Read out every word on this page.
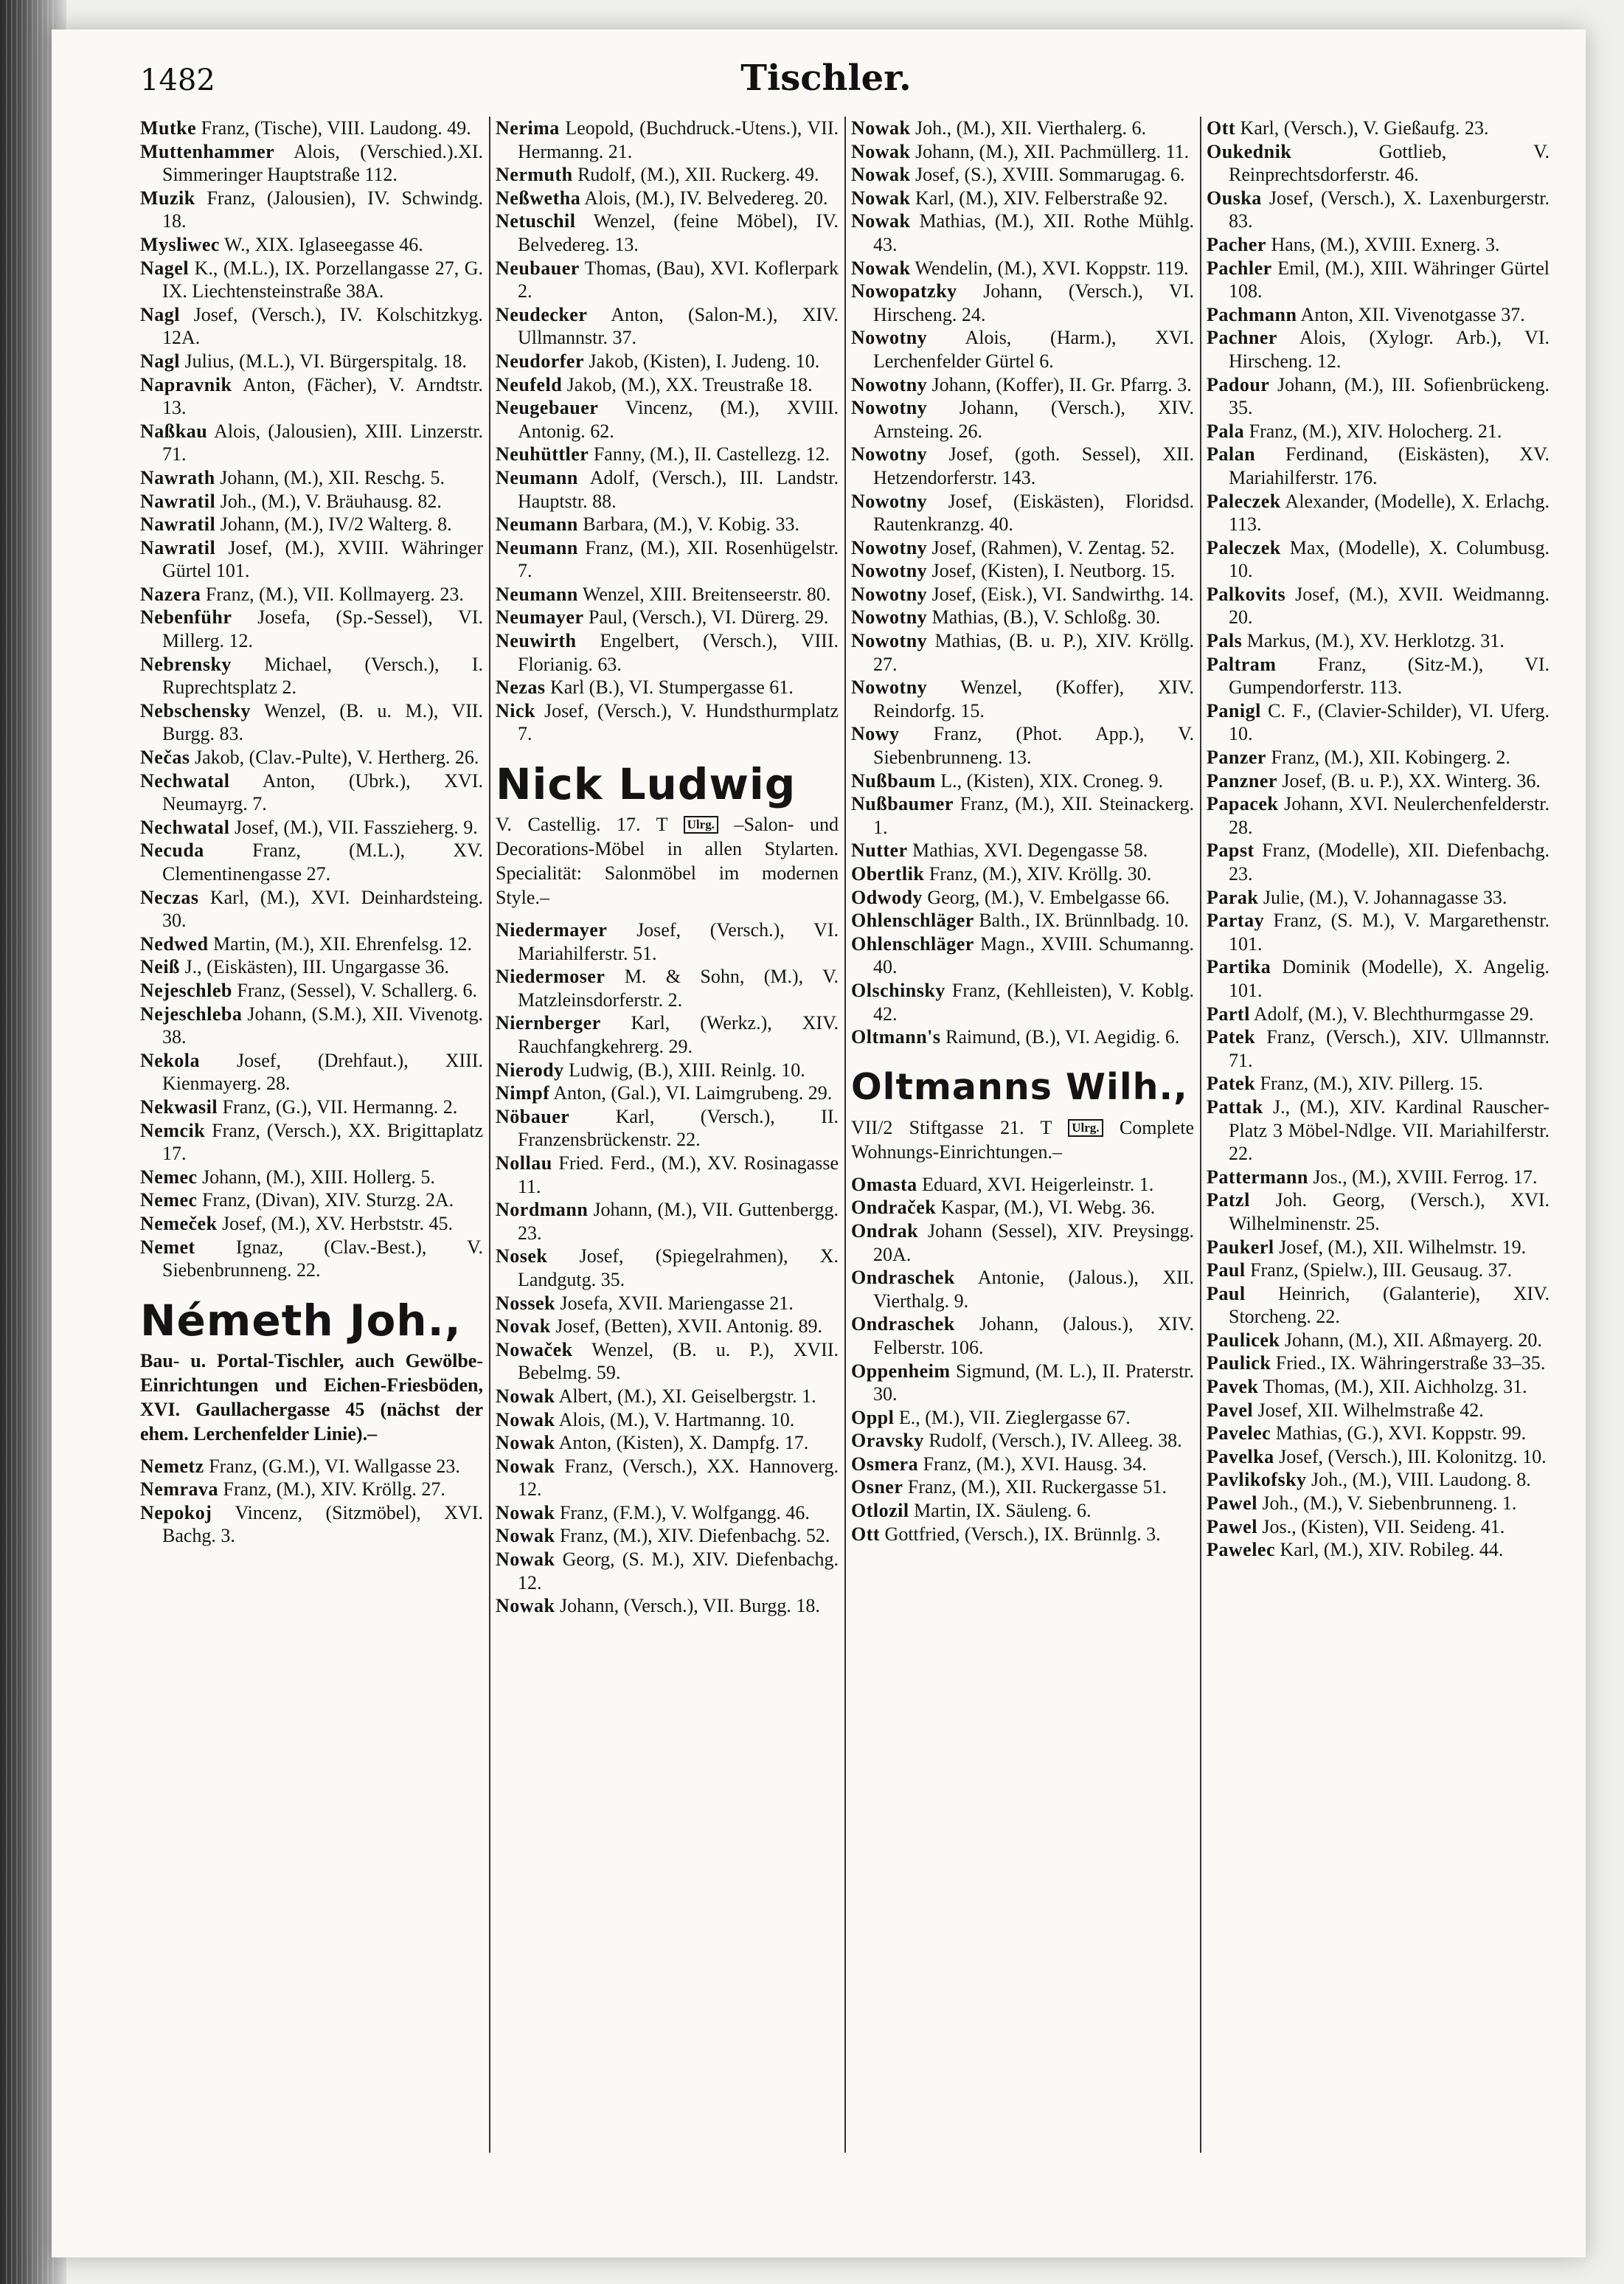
1482	Tischler.

Mutke Franz, (Tische), VIII. Laudong. 49.

Muttenhammer Alois, (Verschied.).XI. Simmeringer Hauptstraße 112.

Muzik Franz, (Jalousien), IV. Schwindg. 18.

Mysliwec W., XIX. Iglaseegasse 46.

Nagel K., (M.L.), IX. Porzellangasse 27, G. IX. Liechtensteinstraße 38A.

Nagl Josef, (Versch.), IV. Kolschitzkyg. 12A.

Nagl Julius, (M.L.), VI. Bürgerspitalg. 18.

Napravnik Anton, (Fächer), V. Arndtstr. 13.

Naßkau Alois, (Jalousien), XIII. Linzerstr. 71.

Nawrath Johann, (M.), XII. Reschg. 5.

Nawratil Joh., (M.), V. Bräuhausg. 82.

Nawratil Johann, (M.), IV/2 Walterg. 8.

Nawratil Josef, (M.), XVIII. Währinger Gürtel 101.

Nazera Franz, (M.), VII. Kollmayerg. 23.

Nebenführ Josefa, (Sp.-Sessel), VI. Millerg. 12.

Nebrensky Michael, (Versch.), I. Ruprechtsplatz 2.

Nebschensky Wenzel, (B. u. M.), VII. Burgg. 83.

Nečas Jakob, (Clav.-Pulte), V. Hertherg. 26.

Nechwatal Anton, (Ubrk.), XVI. Neumayrg. 7.

Nechwatal Josef, (M.), VII. Fasszieherg. 9.

Necuda	Franz, (M.L.), XV. Clementinengasse 27.

Neczas Karl, (M.), XVI. Deinhardsteing. 30.

Nedwed Martin, (M.), XII. Ehrenfelsg. 12.

Neiß J., (Eiskästen), III. Ungargasse 36.

Nejeschleb Franz, (Sessel), V. Schallerg. 6.

Nejeschleba Johann, (S.M.), XII. Vivenotg. 38.

Nekola Josef, (Drehfaut.), XIII. Kienmayerg. 28.

Nekwasil Franz, (G.), VII. Hermanng. 2.

Nemcik Franz, (Versch.), XX. Brigittaplatz 17.

Nemec Johann, (M.), XIII. Hollerg. 5.

Nemec Franz, (Divan), XIV. Sturzg. 2A.

Nemeček Josef, (M.), XV. Herbststr. 45.

Nemet Ignaz, (Clav.-Best.), V. Siebenbrunneng. 22.

Németh Joh.,
Bau- u. Portal-Tischler, auch Gewölbe-Einrichtungen und Eichen-Friesböden, XVI. Gaullachergasse 45 (nächst der ehem. Lerchenfelder Linie).–

Nemetz Franz, (G.M.), VI. Wallgasse 23.

Nemrava Franz, (M.), XIV. Kröllg. 27.

Nepokoj Vincenz, (Sitzmöbel), XVI. Bachg. 3.

Nerima Leopold, (Buchdruck.-Utens.), VII. Hermanng. 21.

Nermuth Rudolf, (M.), XII. Ruckerg. 49.

Neßwetha Alois, (M.), IV. Belvedereg. 20.

Netuschil Wenzel, (feine Möbel), IV. Belvedereg. 13.

Neubauer Thomas, (Bau), XVI. Koflerpark 2.

Neudecker Anton, (Salon-M.), XIV. Ullmannstr. 37.

Neudorfer Jakob, (Kisten), I. Judeng. 10.

Neufeld Jakob, (M.), XX. Treustraße 18.

Neugebauer Vincenz, (M.), XVIII. Antonig. 62.

Neuhüttler Fanny, (M.), II. Castellezg. 12.

Neumann Adolf, (Versch.), III. Landstr. Hauptstr. 88.

Neumann Barbara, (M.), V. Kobig. 33.

Neumann Franz, (M.), XII. Rosenhügelstr. 7.

Neumann Wenzel, XIII. Breitenseerstr. 80.

Neumayer Paul, (Versch.), VI. Dürerg. 29.

Neuwirth Engelbert, (Versch.), VIII. Florianig. 63.

Nezas Karl (B.), VI. Stumpergasse 61.

Nick Josef, (Versch.), V. Hundsthurmplatz 7.

Nick Ludwig
V. Castellig. 17. T Ulrg. –Salon- und Decorations-Möbel in allen Stylarten. Specialität: Salonmöbel im modernen Style.–

Niedermayer Josef, (Versch.), VI. Mariahilferstr. 51.

Niedermoser M. & Sohn, (M.), V. Matzleinsdorferstr. 2.

Niernberger Karl, (Werkz.), XIV. Rauchfangkehrerg. 29.

Nierody Ludwig, (B.), XIII. Reinlg. 10.

Nimpf Anton, (Gal.), VI. Laimgrubeng. 29.

Nöbauer Karl, (Versch.), II. Franzensbrückenstr. 22.

Nollau Fried. Ferd., (M.), XV. Rosinagasse 11.

Nordmann Johann, (M.), VII. Guttenbergg. 23.

Nosek Josef, (Spiegelrahmen), X. Landgutg. 35.

Nossek Josefa, XVII. Mariengasse 21.

Novak Josef, (Betten), XVII. Antonig. 89.

Nowaček Wenzel, (B. u. P.), XVII. Bebelmg. 59.

Nowak Albert, (M.), XI. Geiselbergstr. 1.

Nowak Alois, (M.), V. Hartmanng. 10.

Nowak Anton, (Kisten), X. Dampfg. 17.

Nowak Franz, (Versch.), XX. Hannoverg. 12.

Nowak Franz, (F.M.), V. Wolfgangg. 46.

Nowak Franz, (M.), XIV. Diefenbachg. 52.

Nowak Georg, (S. M.), XIV. Diefenbachg. 12.

Nowak Johann, (Versch.), VII. Burgg. 18.

Nowak Joh., (M.), XII. Vierthalerg. 6.

Nowak Johann, (M.), XII. Pachmüllerg. 11.

Nowak Josef, (S.), XVIII. Sommarugag. 6.

Nowak Karl, (M.), XIV. Felberstraße 92.

Nowak Mathias, (M.), XII. Rothe Mühlg. 43.

Nowak Wendelin, (M.), XVI. Koppstr. 119.

Nowopatzky Johann, (Versch.), VI. Hirscheng. 24.

Nowotny Alois, (Harm.), XVI. Lerchenfelder Gürtel 6.

Nowotny Johann, (Koffer), II. Gr. Pfarrg. 3.

Nowotny Johann, (Versch.), XIV. Arnsteing. 26.

Nowotny Josef, (goth. Sessel), XII. Hetzendorferstr. 143.

Nowotny Josef, (Eiskästen), Floridsd. Rautenkranzg. 40.

Nowotny Josef, (Rahmen), V. Zentag. 52.

Nowotny Josef, (Kisten), I. Neutborg. 15.

Nowotny Josef, (Eisk.), VI. Sandwirthg. 14.

Nowotny Mathias, (B.), V. Schloßg. 30.

Nowotny Mathias, (B. u. P.), XIV. Kröllg. 27.

Nowotny Wenzel, (Koffer), XIV. Reindorfg. 15.

Nowy Franz, (Phot. App.), V. Siebenbrunneng. 13.

Nußbaum L., (Kisten), XIX. Croneg. 9.

Nußbaumer Franz, (M.), XII. Steinackerg. 1.

Nutter Mathias, XVI. Degengasse 58.

Obertlik Franz, (M.), XIV. Kröllg. 30.

Odwody Georg, (M.), V. Embelgasse 66.

Ohlenschläger Balth., IX. Brünnlbadg. 10.

Ohlenschläger Magn., XVIII. Schumanng. 40.

Olschinsky Franz, (Kehlleisten), V. Koblg. 42.

Oltmann's Raimund, (B.), VI. Aegidig. 6.

Oltmanns Wilh.,
VII/2 Stiftgasse 21. T Ulrg. Complete Wohnungs-Einrichtungen.–

Omasta Eduard, XVI. Heigerleinstr. 1.

Ondraček Kaspar, (M.), VI. Webg. 36.

Ondrak Johann (Sessel), XIV. Preysingg. 20A.

Ondraschek Antonie, (Jalous.), XII. Vierthalg. 9.

Ondraschek Johann, (Jalous.), XIV. Felberstr. 106.

Oppenheim Sigmund, (M. L.), II. Praterstr. 30.

Oppl E., (M.), VII. Zieglergasse 67.

Oravsky Rudolf, (Versch.), IV. Alleeg. 38.

Osmera Franz, (M.), XVI. Hausg. 34.

Osner Franz, (M.), XII. Ruckergasse 51.

Otlozil Martin, IX. Säuleng. 6.

Ott Gottfried, (Versch.), IX. Brünnlg. 3.

Ott Karl, (Versch.), V. Gießaufg. 23.

Oukednik	Gottlieb, V. Reinprechtsdorferstr. 46.

Ouska Josef, (Versch.), X. Laxenburgerstr. 83.

Pacher Hans, (M.), XVIII. Exnerg. 3.

Pachler Emil, (M.), XIII. Währinger Gürtel 108.

Pachmann Anton, XII. Vivenotgasse 37.

Pachner Alois, (Xylogr. Arb.), VI. Hirscheng. 12.

Padour Johann, (M.), III. Sofienbrückeng. 35.

Pala Franz, (M.), XIV. Holocherg. 21.

Palan Ferdinand, (Eiskästen), XV. Mariahilferstr. 176.

Paleczek Alexander, (Modelle), X. Erlachg. 113.

Paleczek Max, (Modelle), X. Columbusg. 10.

Palkovits Josef, (M.), XVII. Weidmanng. 20.

Pals Markus, (M.), XV. Herklotzg. 31.

Paltram Franz, (Sitz-M.), VI. Gumpendorferstr. 113.

Panigl C. F., (Clavier-Schilder), VI. Uferg. 10.

Panzer Franz, (M.), XII. Kobingerg. 2.

Panzner Josef, (B. u. P.), XX. Winterg. 36.

Papacek Johann, XVI. Neulerchenfelderstr. 28.

Papst Franz, (Modelle), XII. Diefenbachg. 23.

Parak Julie, (M.), V. Johannagasse 33.

Partay Franz, (S. M.), V. Margarethenstr. 101.

Partika Dominik (Modelle), X. Angelig. 101.

Partl Adolf, (M.), V. Blechthurmgasse 29.

Patek Franz, (Versch.), XIV. Ullmannstr. 71.

Patek Franz, (M.), XIV. Pillerg. 15.

Pattak J., (M.), XIV. Kardinal Rauscher-Platz 3 Möbel-Ndlge. VII. Mariahilferstr. 22.

Pattermann Jos., (M.), XVIII. Ferrog. 17.

Patzl Joh. Georg, (Versch.), XVI. Wilhelminenstr. 25.

Paukerl Josef, (M.), XII. Wilhelmstr. 19.

Paul Franz, (Spielw.), III. Geusaug. 37.

Paul Heinrich, (Galanterie), XIV. Storcheng. 22.

Paulicek Johann, (M.), XII. Aßmayerg. 20.

Paulick Fried., IX. Währingerstraße 33–35.

Pavek Thomas, (M.), XII. Aichholzg. 31.

Pavel Josef, XII. Wilhelmstraße 42.

Pavelec Mathias, (G.), XVI. Koppstr. 99.

Pavelka Josef, (Versch.), III. Kolonitzg. 10.

Pavlikofsky Joh., (M.), VIII. Laudong. 8.

Pawel Joh., (M.), V. Siebenbrunneng. 1.

Pawel Jos., (Kisten), VII. Seideng. 41.

Pawelec Karl, (M.), XIV. Robileg. 44.
